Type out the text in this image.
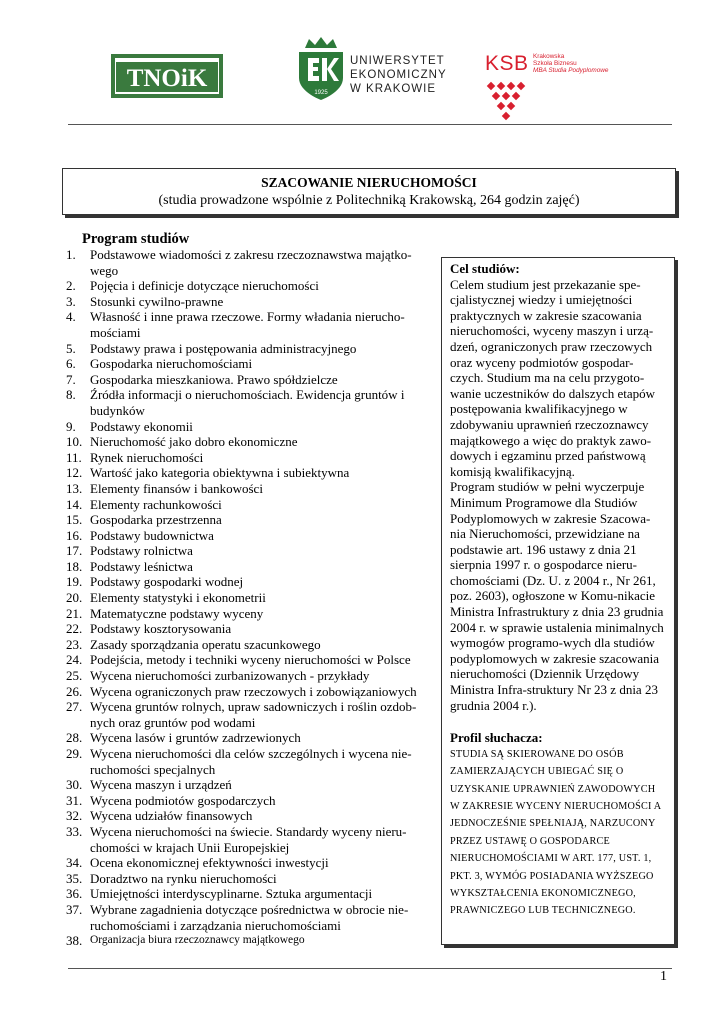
TNOiK
1925
UNIWERSYTET
EKONOMICZNY
W KRAKOWIE
KSB Krakowska
Szkoła Biznesu
MBA Studia Podyplomowe
SZACOWANIE NIERUCHOMOŚCI
(studia prowadzone wspólnie z Politechniką Krakowską, 264 godzin zajęć)
Program studiów
1.	Podstawowe wiadomości z zakresu rzeczoznawstwa majątko-wego
2.	Pojęcia i definicje dotyczące nieruchomości
3.	Stosunki cywilno-prawne
4.	Własność i inne prawa rzeczowe. Formy władania nierucho-mościami
5.	Podstawy prawa i postępowania administracyjnego
6.	Gospodarka nieruchomościami
7.	Gospodarka mieszkaniowa. Prawo spółdzielcze
8.	Źródła informacji o nieruchomościach. Ewidencja gruntów i budynków
9.	Podstawy ekonomii
10. Nieruchomość jako dobro ekonomiczne
11. Rynek nieruchomości
12. Wartość jako kategoria obiektywna i subiektywna
13. Elementy finansów i bankowości
14. Elementy rachunkowości
15. Gospodarka przestrzenna
16. Podstawy budownictwa
17. Podstawy rolnictwa
18. Podstawy leśnictwa
19. Podstawy gospodarki wodnej
20. Elementy statystyki i ekonometrii
21. Matematyczne podstawy wyceny
22. Podstawy kosztorysowania
23. Zasady sporządzania operatu szacunkowego
24. Podejścia, metody i techniki wyceny nieruchomości w Polsce
25. Wycena nieruchomości zurbanizowanych - przykłady
26. Wycena ograniczonych praw rzeczowych i zobowiązaniowych
27. Wycena gruntów rolnych, upraw sadowniczych i roślin ozdob-nych oraz gruntów pod wodami
28. Wycena lasów i gruntów zadrzewionych
29. Wycena nieruchomości dla celów szczególnych i wycena nie-ruchomości specjalnych
30. Wycena maszyn i urządzeń
31. Wycena podmiotów gospodarczych
32. Wycena udziałów finansowych
33. Wycena nieruchomości na świecie. Standardy wyceny nieru-chomości w krajach Unii Europejskiej
34. Ocena ekonomicznej efektywności inwestycji
35. Doradztwo na rynku nieruchomości
36. Umiejętności interdyscyplinarne. Sztuka argumentacji
37. Wybrane zagadnienia dotyczące pośrednictwa w obrocie nie-ruchomościami i zarządzania nieruchomościami
38. Organizacja biura rzeczoznawcy majątkowego
Cel studiów:
Celem studium jest przekazanie spe-cjalistycznej wiedzy i umiejętności praktycznych w zakresie szacowania nieruchomości, wyceny maszyn i urzą-dzeń, ograniczonych praw rzeczowych oraz wyceny podmiotów gospodar-czych. Studium ma na celu przygoto-wanie uczestników do dalszych etapów postępowania kwalifikacyjnego w zdobywaniu uprawnień rzeczoznawcy majątkowego a więc do praktyk zawo-dowych i egzaminu przed państwową komisją kwalifikacyjną.
Program studiów w pełni wyczerpuje Minimum Programowe dla Studiów Podyplomowych w zakresie Szacowa-nia Nieruchomości, przewidziane na podstawie art. 196 ustawy z dnia 21 sierpnia 1997 r. o gospodarce nieru-chomościami (Dz. U. z 2004 r., Nr 261, poz. 2603), ogłoszone w Komu-nikacie Ministra Infrastruktury z dnia 23 grudnia 2004 r. w sprawie ustalenia minimalnych wymogów programo-wych dla studiów podyplomowych w zakresie szacowania nieruchomości (Dziennik Urzędowy Ministra Infra-struktury Nr 23 z dnia 23 grudnia 2004 r.).
Profil słuchacza:
STUDIA SĄ SKIEROWANE DO OSÓB ZAMIERZAJĄCYCH UBIEGAĆ SIĘ O UZYSKANIE UPRAWNIEŃ ZAWODOWYCH W ZAKRESIE WYCENY NIERUCHOMOŚCI A JEDNOCZEŚNIE SPEŁNIAJĄ, NARZUCONY PRZEZ USTAWĘ O GOSPODARCE NIERUCHOMOŚCIAMI W ART. 177, UST. 1, PKT. 3, WYMÓG POSIADANIA WYŻSZEGO WYKSZTAŁCENIA EKONOMICZNEGO, PRAWNICZEGO LUB TECHNICZNEGO.
1
